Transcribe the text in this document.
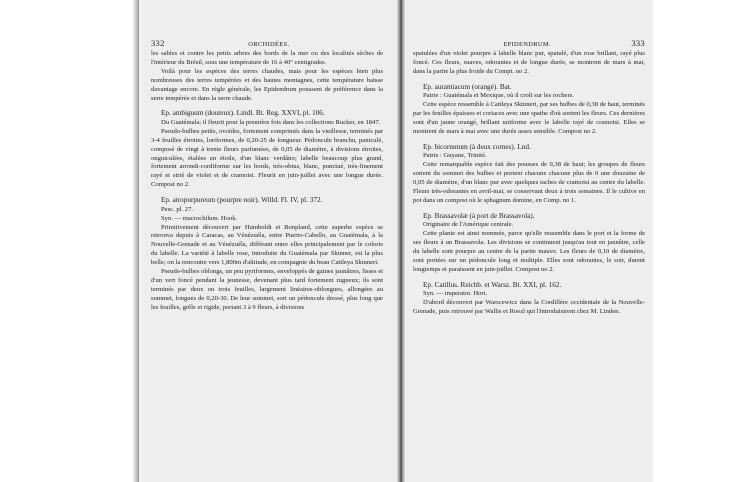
332	ORCHIDÉES.

les sables et contre les petits arbres des bords de la mer ou des localités sèches de l'intérieur du Brésil, sous une température de 16 à 40° centigrades.

Voilà pour les espèces des terres chaudes, mais pour les espèces bien plus nombreuses des terres tempérées et des hautes montagnes, cette température baisse davantage encore. En règle générale, les Epidendrum poussent de préférence dans la serre tempérée et dans la serre chaude.

Ep. ambiguum (douteux). Lindl. Bt. Reg. XXVI, pl. 106.

Du Guatémala; il fleurit pour la première fois dans les collections Rucker, en 1847.

Pseudo-bulbes petits, ovoïdes, fortement comprimés dans la vieillesse, terminés par 3-4 feuilles étroites, loriformes, de 0,20-25 de longueur. Pédoncule branchu, paniculé, composé de vingt à trente fleurs parfumées, de 0,05 de diamètre, à divisions étroites, onguiculées, étalées en étoile, d'un blanc verdâtre; labelle beaucoup plus grand, fortement arrondi-cordiforme sur les bords, très-obtus, blanc, ponctué, très-finement rayé et strié de violet et de cramoisi. Fleurit en juin-juillet avec une longue durée. Compost no 2.

Ep. atropurpureum (pourpre noir). Willd. Fl. IV, pl. 372.

Pesc. pl. 27.

Syn. — macrochilum. Hook.

Primitivement découvert par Humboldt et Bonpland, cette superbe espèce se retrouva depuis à Caracas, au Vénézuéla, entre Puerto-Cabello, au Guatémala, à la Nouvelle-Grenade et au Vénézuéla, différant entre elles principalement par le coloris du labelle. La variété à labelle rose, introduite du Guatémala par Skinner, est la plus belle; on la rencontre vers 1,800m d'altitude, en compagnie du beau Cattleya Skinneri.

Pseudo-bulbes oblongs, un peu pyriformes, enveloppés de gaines jaunâtres, lisses et d'un vert foncé pendant la jeunesse, devenant plus tard fortement rugueux; ils sont terminés par deux ou trois feuilles, largement linéaires-oblongues, allongées au sommet, longues de 0,20-30. De leur sommet, sort un pédoncule dressé, plus long que les feuilles, grêle et rigide, portant 3 à 9 fleurs, à divisions

EPIDENDRUM.	333

spatulées d'un violet pourpre à labelle blanc pur, spatulé, d'un rose brillant, rayé plus foncé. Ces fleurs, suaves, odorantes et de longue durée, se montrent de mars à mai, dans la partie la plus froide du Compt. no 2.

Ep. aurantiacum (orangé). Bat.

Patrie : Guatémala et Mexique, où il croît sur les rochers.

Cette espèce ressemble à Cattleya Skinneri, par ses bulbes de 0,38 de haut, terminés par les feuilles épaisses et coriaces avec une spathe d'où sortent les fleurs. Ces dernières sont d'un jaune orangé, brillant uniforme avec le labelle rayé de cramoisi. Elles se montrent de mars à mai avec une durée assez sensible. Compost no 2.

Ep. bicornutum (à deux cornes). Lnd.

Patrie : Guyane, Trinité.

Cette remarquable espèce fait des pousses de 0,38 de haut; les groupes de fleurs sortent du sommet des bulbes et portent chacune chacune plus de 0 une douzaine de 0,05 de diamètre, d'un blanc pur avec quelques taches de cramoisi au centre du labelle. Fleurs très-odorantes en avril-mai, se conservant deux à trois semaines. Il le cultive en pot dans un compost où le sphagnum domine, en Comp. no 1.

Ep. Brassavolæ (à port de Brassavola).

Originaire de l'Amérique centrale.

Cette plante est ainsi nommée, parce qu'elle ressemble dans le port et la forme de ses fleurs à un Brassavola. Les divisions se continuent jusqu'au tout en jaunâtre, celle du labelle sont pourpre au centre de la partie mauve. Les fleurs de 0,10 de diamètre, sont portées sur un pédoncule long et multiple. Elles sont odorantes, le soir, durent longtemps et paraissent en juin-juillet. Compost no 2.

Ep. Catillus. Reichb. et Warsz. Bt. XXI, pl. 162.

Syn. — imperator. Hort.

D'abord découvert par Warscewicz dans la Cordillère occidentale de la Nouvelle-Grenade, puis retrouvé par Wallis et Roezl qui l'introduisirent chez M. Linden.
